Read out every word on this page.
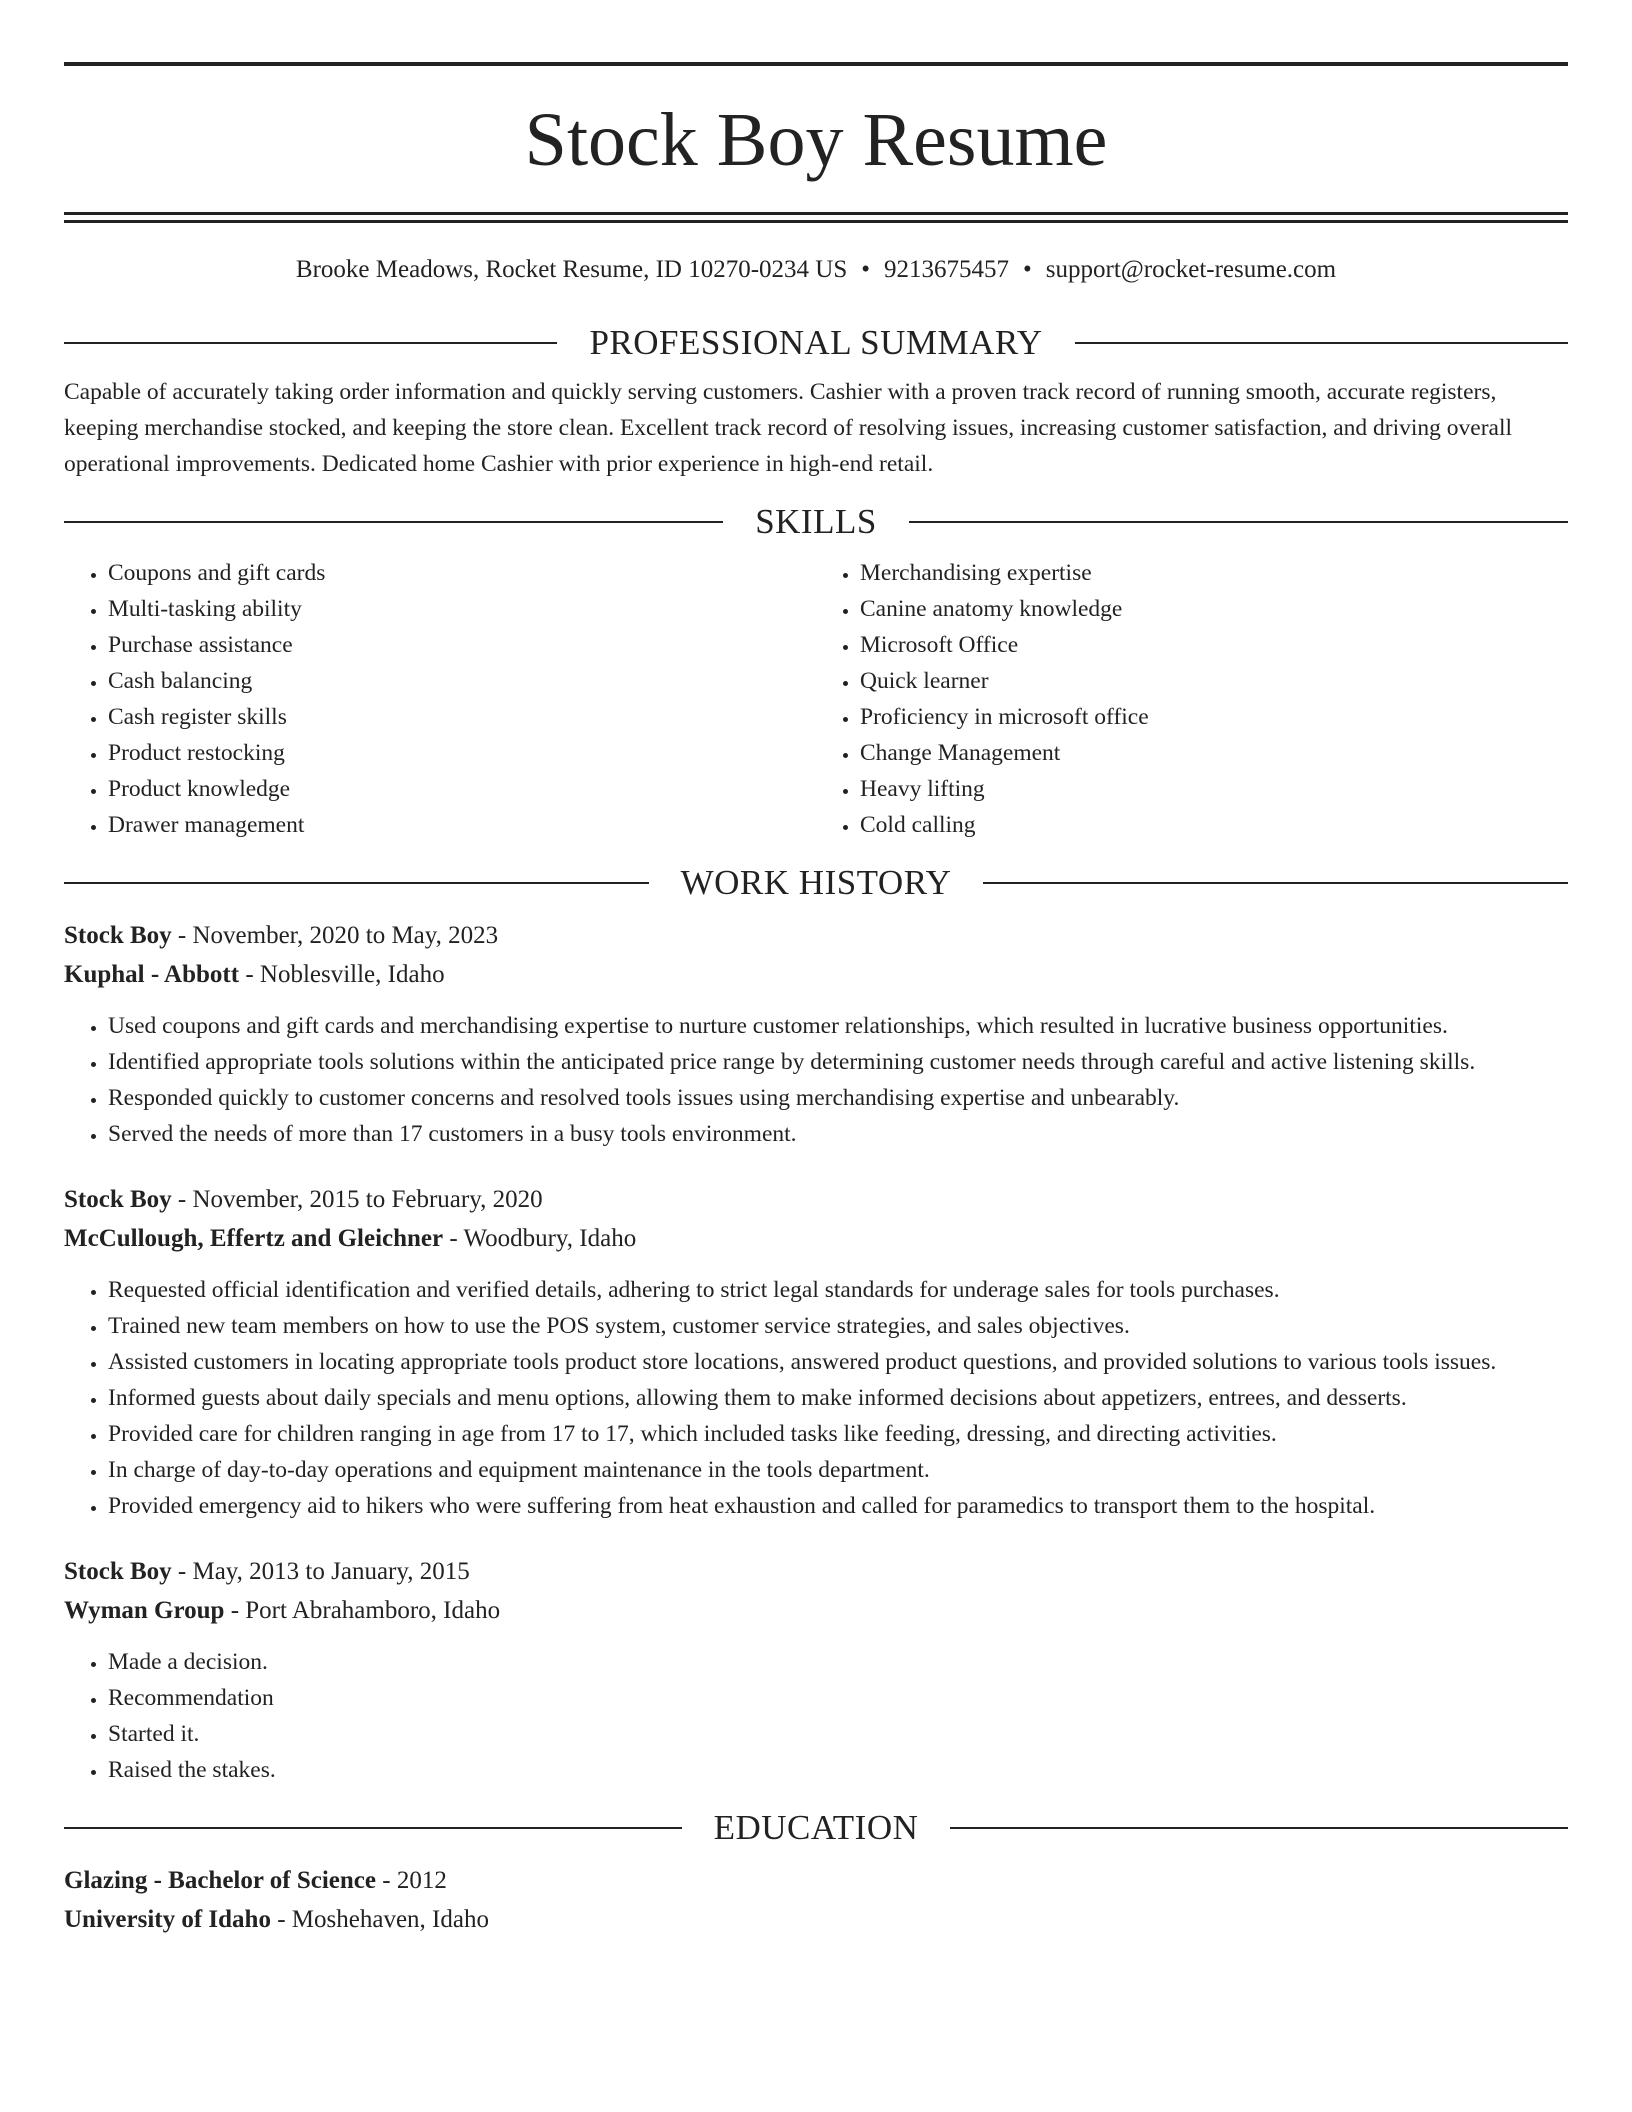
Stock Boy Resume
Brooke Meadows, Rocket Resume, ID 10270-0234 US • 9213675457 • support@rocket-resume.com
PROFESSIONAL SUMMARY

Capable of accurately taking order information and quickly serving customers. Cashier with a proven track record of running smooth, accurate registers, keeping merchandise stocked, and keeping the store clean. Excellent track record of resolving issues, increasing customer satisfaction, and driving overall operational improvements. Dedicated home Cashier with prior experience in high-end retail.

SKILLS
• Coupons and gift cards
• Multi-tasking ability
• Purchase assistance
• Cash balancing
• Cash register skills
• Product restocking
• Product knowledge
• Drawer management
• Merchandising expertise
• Canine anatomy knowledge
• Microsoft Office
• Quick learner
• Proficiency in microsoft office
• Change Management
• Heavy lifting
• Cold calling
WORK HISTORY
Stock Boy - November, 2020 to May, 2023
Kuphal - Abbott - Noblesville, Idaho
• Used coupons and gift cards and merchandising expertise to nurture customer relationships, which resulted in lucrative business opportunities.
• Identified appropriate tools solutions within the anticipated price range by determining customer needs through careful and active listening skills.
• Responded quickly to customer concerns and resolved tools issues using merchandising expertise and unbearably.
• Served the needs of more than 17 customers in a busy tools environment.
Stock Boy - November, 2015 to February, 2020
McCullough, Effertz and Gleichner - Woodbury, Idaho
• Requested official identification and verified details, adhering to strict legal standards for underage sales for tools purchases.
• Trained new team members on how to use the POS system, customer service strategies, and sales objectives.
• Assisted customers in locating appropriate tools product store locations, answered product questions, and provided solutions to various tools issues.
• Informed guests about daily specials and menu options, allowing them to make informed decisions about appetizers, entrees, and desserts.
• Provided care for children ranging in age from 17 to 17, which included tasks like feeding, dressing, and directing activities.
• In charge of day-to-day operations and equipment maintenance in the tools department.
• Provided emergency aid to hikers who were suffering from heat exhaustion and called for paramedics to transport them to the hospital.
Stock Boy - May, 2013 to January, 2015
Wyman Group - Port Abrahamboro, Idaho
• Made a decision.
• Recommendation
• Started it.
• Raised the stakes.
EDUCATION
Glazing - Bachelor of Science - 2012
University of Idaho - Moshehaven, Idaho
